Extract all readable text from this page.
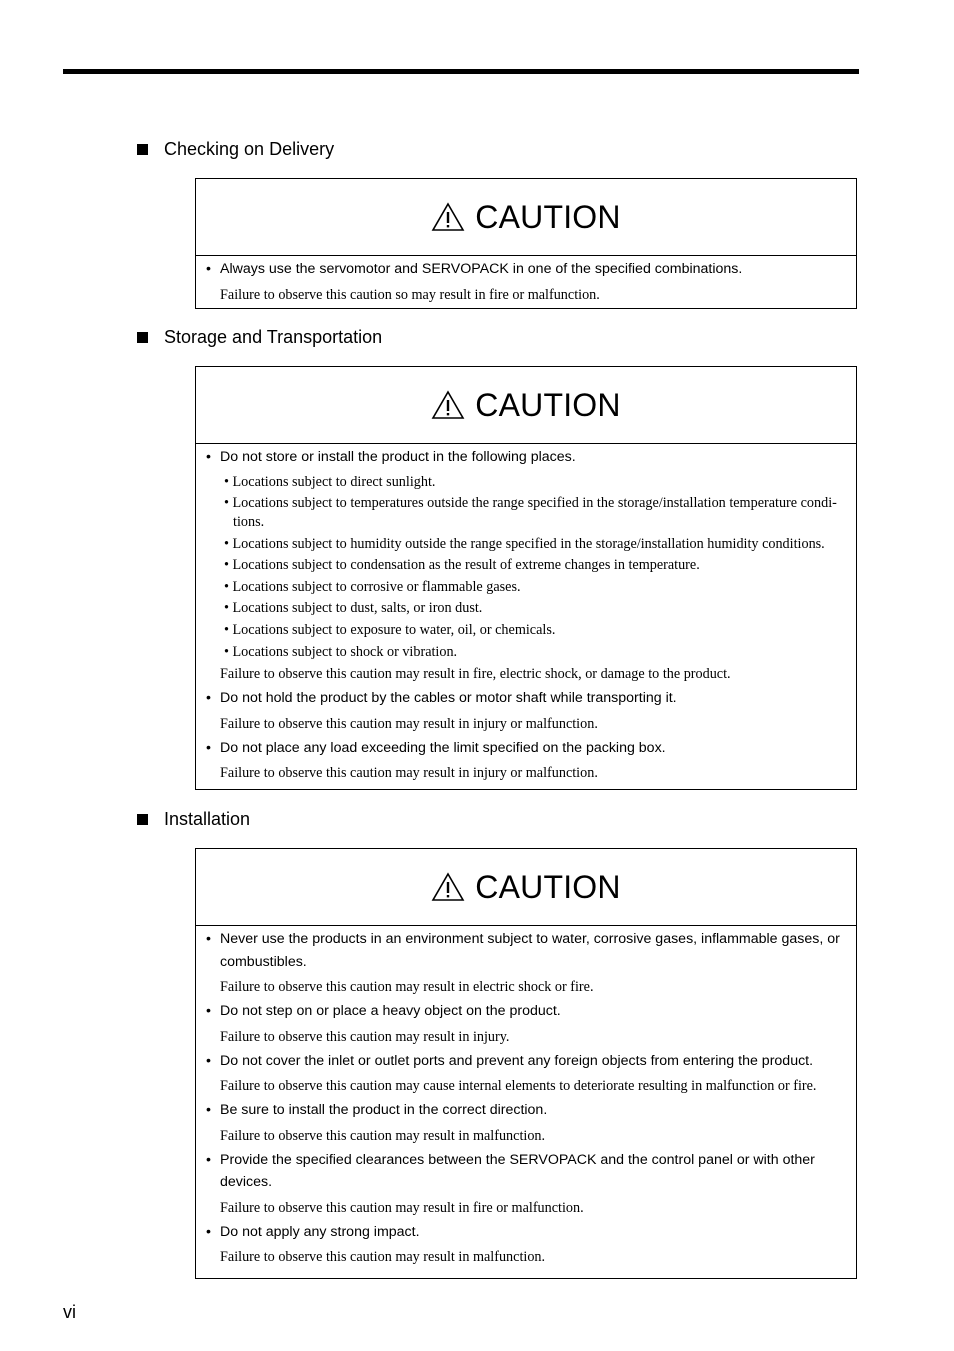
Checking on Delivery
CAUTION
• Always use the servomotor and SERVOPACK in one of the specified combinations.
Failure to observe this caution so may result in fire or malfunction.
Storage and Transportation
CAUTION
• Do not store or install the product in the following places.
• Locations subject to direct sunlight.
• Locations subject to temperatures outside the range specified in the storage/installation temperature condi-tions.
• Locations subject to humidity outside the range specified in the storage/installation humidity conditions.
• Locations subject to condensation as the result of extreme changes in temperature.
• Locations subject to corrosive or flammable gases.
• Locations subject to dust, salts, or iron dust.
• Locations subject to exposure to water, oil, or chemicals.
• Locations subject to shock or vibration.
Failure to observe this caution may result in fire, electric shock, or damage to the product.
• Do not hold the product by the cables or motor shaft while transporting it.
Failure to observe this caution may result in injury or malfunction.
• Do not place any load exceeding the limit specified on the packing box.
Failure to observe this caution may result in injury or malfunction.
Installation
CAUTION
• Never use the products in an environment subject to water, corrosive gases, inflammable gases, or combustibles.
Failure to observe this caution may result in electric shock or fire.
• Do not step on or place a heavy object on the product.
Failure to observe this caution may result in injury.
• Do not cover the inlet or outlet ports and prevent any foreign objects from entering the product.
Failure to observe this caution may cause internal elements to deteriorate resulting in malfunction or fire.
• Be sure to install the product in the correct direction.
Failure to observe this caution may result in malfunction.
• Provide the specified clearances between the SERVOPACK and the control panel or with other devices.
Failure to observe this caution may result in fire or malfunction.
• Do not apply any strong impact.
Failure to observe this caution may result in malfunction.
vi
